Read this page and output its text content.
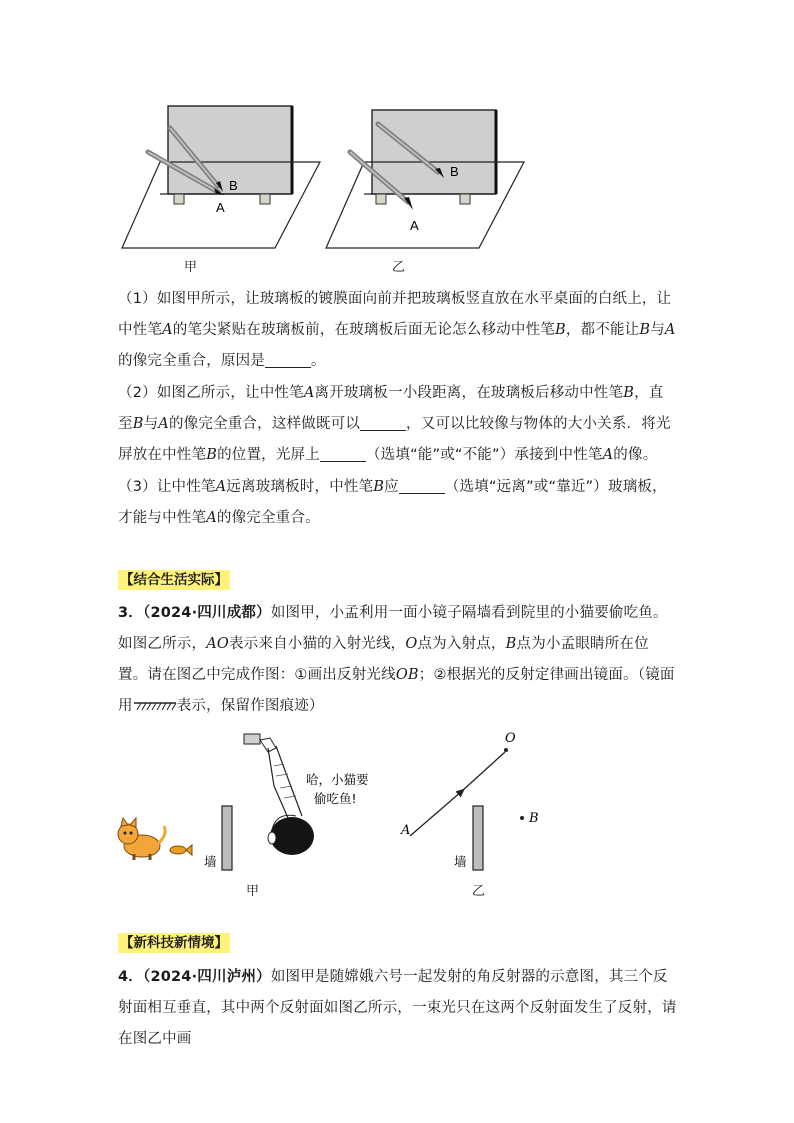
A
B
A
B
甲	乙
（1）如图甲所示，让玻璃板的镀膜面向前并把玻璃板竖直放在水平桌面的白纸上，让中性笔A的笔尖紧贴在玻璃板前，在玻璃板后面无论怎么移动中性笔B，都不能让B与A的像完全重合，原因是	。
（2）如图乙所示，让中性笔A离开玻璃板一小段距离，在玻璃板后移动中性笔B，直至B与A的像完全重合，这样做既可以	，又可以比较像与物体的大小关系．将光屏放在中性笔B的位置，光屏上	（选填“能”或“不能”）承接到中性笔A的像。
（3）让中性笔A远离玻璃板时，中性笔B应	（选填“远离”或“靠近”）玻璃板，才能与中性笔A的像完全重合。
【结合生活实际】
3．（2024·四川成都）如图甲，小孟利用一面小镜子隔墙看到院里的小猫要偷吃鱼。如图乙所示，AO表示来自小猫的入射光线，O点为入射点，B点为小孟眼睛所在位置。请在图乙中完成作图：①画出反射光线OB；②根据光的反射定律画出镜面。（镜面用	表示，保留作图痕迹）
哈，小猫要
偷吃鱼!
墙
O
A
B
墙
甲	乙
【新科技新情境】
4．（2024·四川泸州）如图甲是随嫦娥六号一起发射的角反射器的示意图，其三个反射面相互垂直，其中两个反射面如图乙所示，一束光只在这两个反射面发生了反射，请在图乙中画
